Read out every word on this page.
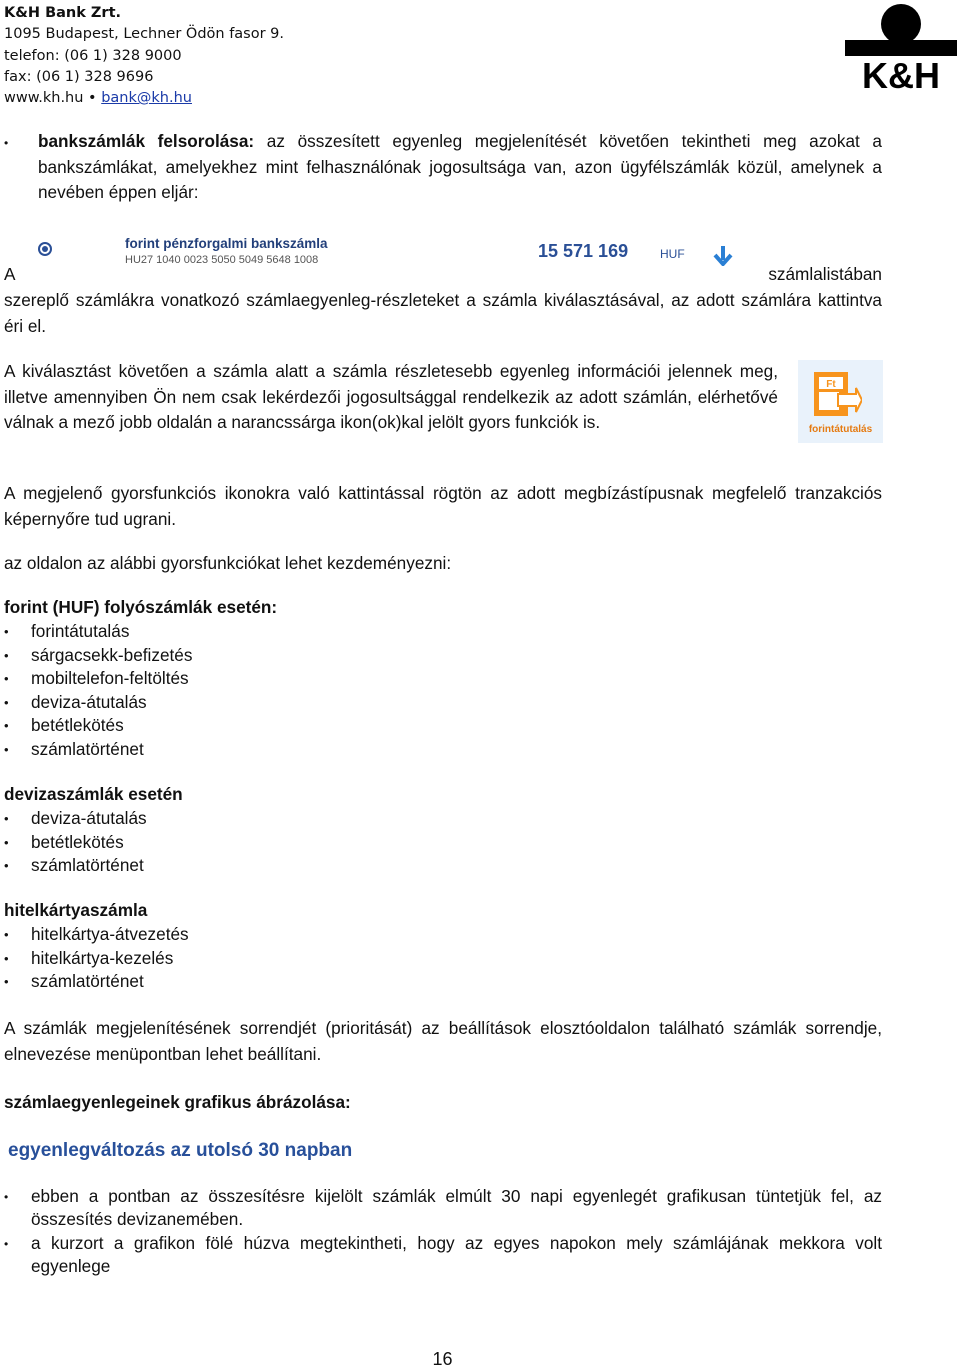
K&H Bank Zrt.
1095 Budapest, Lechner Ödön fasor 9.
telefon: (06 1) 328 9000
fax: (06 1) 328 9696
www.kh.hu • bank@kh.hu
K&H
• bankszámlák felsorolása: az összesített egyenleg megjelenítését követően tekintheti meg azokat a bankszámlákat, amelyekhez mint felhasználónak jogosultsága van, azon ügyfélszámlák közül, amelynek a nevében éppen eljár:
forint pénzforgalmi bankszámla
HU27 1040 0023 5050 5049 5648 1008	15 571 169	HUF
A	számlalistában
szereplő számlákra vonatkozó számlaegyenleg-részleteket a számla kiválasztásával, az adott számlára kattintva éri el.
A kiválasztást követően a számla alatt a számla részletesebb egyenleg információi jelennek meg, illetve amennyiben Ön nem csak lekérdezői jogosultsággal rendelkezik az adott számlán, elérhetővé válnak a mező jobb oldalán a narancssárga ikon(ok)kal jelölt gyors funkciók is.
Ft
forintátutalás
A megjelenő gyorsfunkciós ikonokra való kattintással rögtön az adott megbízástípusnak megfelelő tranzakciós képernyőre tud ugrani.
az oldalon az alábbi gyorsfunkciókat lehet kezdeményezni:
forint (HUF) folyószámlák esetén:
• forintátutalás
• sárgacsekk-befizetés
• mobiltelefon-feltöltés
• deviza-átutalás
• betétlekötés
• számlatörténet
devizaszámlák esetén
• deviza-átutalás
• betétlekötés
• számlatörténet
hitelkártyaszámla
• hitelkártya-átvezetés
• hitelkártya-kezelés
• számlatörténet
A számlák megjelenítésének sorrendjét (prioritását) az beállítások elosztóoldalon található számlák sorrendje, elnevezése menüpontban lehet beállítani.
számlaegyenlegeinek grafikus ábrázolása:
egyenlegváltozás az utolsó 30 napban
• ebben a pontban az összesítésre kijelölt számlák elmúlt 30 napi egyenlegét grafikusan tüntetjük fel, az összesítés devizanemében.
• a kurzort a grafikon fölé húzva megtekintheti, hogy az egyes napokon mely számlájának mekkora volt egyenlege
16
